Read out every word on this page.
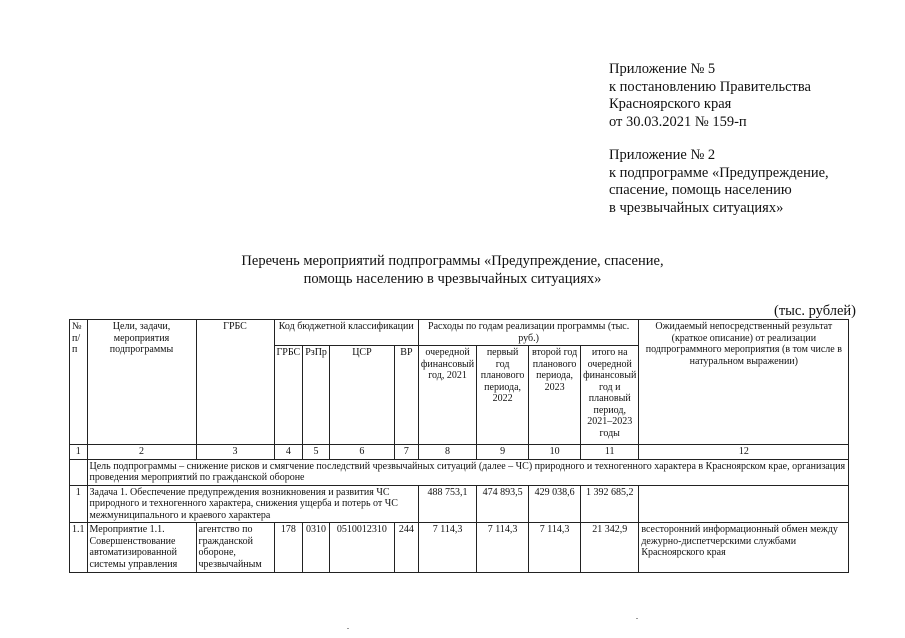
Приложение № 5
к постановлению Правительства
Красноярского края
от 30.03.2021 № 159-п
Приложение № 2
к подпрограмме «Предупреждение,
спасение, помощь населению
в чрезвычайных ситуациях»
Перечень мероприятий подпрограммы «Предупреждение, спасение,
помощь населению в чрезвычайных ситуациях»
(тыс. рублей)
№ п/п	Цели, задачи, мероприятия подпрограммы	ГРБС	Код бюджетной классификации				Расходы по годам реализации программы (тыс. руб.)				Ожидаемый непосредственный результат (краткое описание) от реализации подпрограммного мероприятия (в том числе в натуральном выражении)
			ГРБС	РзПр	ЦСР	ВР	очередной финансовый год, 2021	первый год планового периода, 2022	второй год планового периода, 2023	итого на очередной финансовый год и плановый период, 2021–2023 годы	
1	2	3	4	5	6	7	8	9	10	11	12
	Цель подпрограммы – снижение рисков и смягчение последствий чрезвычайных ситуаций (далее – ЧС) природного и техногенного характера в Красноярском крае, организация проведения мероприятий по гражданской обороне										
1	Задача 1. Обеспечение предупреждения возникновения и развития ЧС природного и техногенного характера, снижения ущерба и потерь от ЧС межмуниципального и краевого характера						488 753,1	474 893,5	429 038,6	1 392 685,2	
1.1	Мероприятие 1.1. Совершенствование автоматизированной системы управления	агентство по гражданской обороне, чрезвычайным	178	0310	0510012310	244	7 114,3	7 114,3	7 114,3	21 342,9	всесторонний информационный обмен между дежурно-диспетчерскими службами Красноярского края
